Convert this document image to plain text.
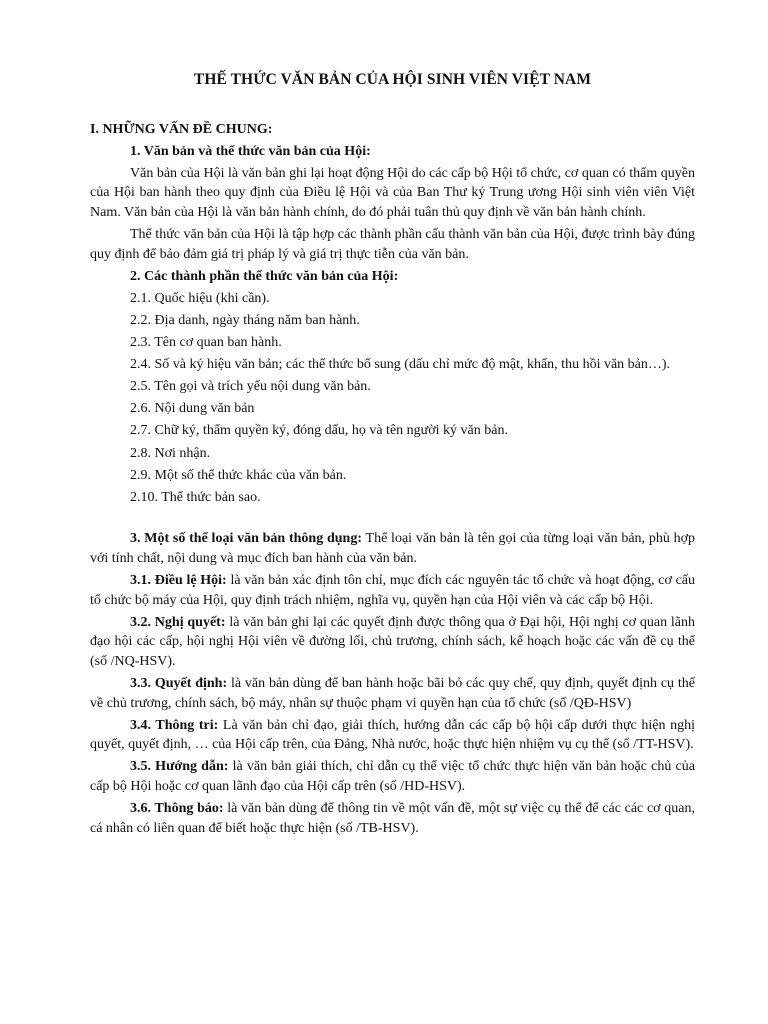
THẾ THỨC VĂN BẢN CỦA HỘI SINH VIÊN VIỆT NAM
I. NHỮNG VẤN ĐỀ CHUNG:
1. Văn bản và thể thức văn bản của Hội:
Văn bản của Hội là văn bản ghi lại hoạt động Hội do các cấp bộ Hội tổ chức, cơ quan có thẩm quyền của Hội ban hành theo quy định của Điều lệ Hội và của Ban Thư ký Trung ương Hội sinh viên viên Việt Nam. Văn bản của Hội là văn bản hành chính, do đó phải tuân thủ quy định về văn bản hành chính.
Thể thức văn bản của Hội là tập hợp các thành phần cấu thành văn bản của Hội, được trình bày đúng quy định để bảo đảm giá trị pháp lý và giá trị thực tiễn của văn bản.
2. Các thành phần thể thức văn bản của Hội:
2.1. Quốc hiệu (khi cần).
2.2. Địa danh, ngày tháng năm ban hành.
2.3. Tên cơ quan ban hành.
2.4. Số và ký hiệu văn bản; các thể thức bổ sung (dấu chỉ mức độ mật, khẩn, thu hồi văn bản…).
2.5. Tên gọi và trích yếu nội dung văn bản.
2.6. Nội dung văn bản
2.7. Chữ ký, thẩm quyền ký, đóng dấu, họ và tên người ký văn bản.
2.8. Nơi nhận.
2.9. Một số thể thức khác của văn bản.
2.10. Thể thức bản sao.
3. Một số thể loại văn bản thông dụng: Thể loại văn bản là tên gọi của từng loại văn bản, phù hợp với tính chất, nội dung và mục đích ban hành của văn bản.
3.1. Điều lệ Hội: là văn bản xác định tôn chỉ, mục đích các nguyên tác tổ chức và hoạt động, cơ cấu tổ chức bộ máy của Hội, quy định trách nhiệm, nghĩa vụ, quyền hạn của Hội viên và các cấp bộ Hội.
3.2. Nghị quyết: là văn bản ghi lại các quyết định được thông qua ở Đại hội, Hội nghị cơ quan lãnh đạo hội các cấp, hội nghị Hội viên về đường lối, chủ trương, chính sách, kế hoạch hoặc các vấn đề cụ thể (số /NQ-HSV).
3.3. Quyết định: là văn bản dùng để ban hành hoặc bãi bỏ các quy chế, quy định, quyết định cụ thể về chủ trương, chính sách, bộ máy, nhân sự thuộc phạm vi quyền hạn của tổ chức (số /QĐ-HSV)
3.4. Thông tri: Là văn bản chỉ đạo, giải thích, hướng dẫn các cấp bộ hội cấp dưới thực hiện nghị quyết, quyết định, … của Hội cấp trên, của Đảng, Nhà nước, hoặc thực hiện nhiệm vụ cụ thể (số /TT-HSV).
3.5. Hướng dẫn: là văn bản giải thích, chỉ dẫn cụ thể việc tổ chức thực hiện văn bản hoặc chủ của cấp bộ Hội hoặc cơ quan lãnh đạo của Hội cấp trên (số /HD-HSV).
3.6. Thông báo: là văn bản dùng để thông tin về một vấn đề, một sự việc cụ thể để các các cơ quan, cá nhân có liên quan để biết hoặc thực hiện (số /TB-HSV).
